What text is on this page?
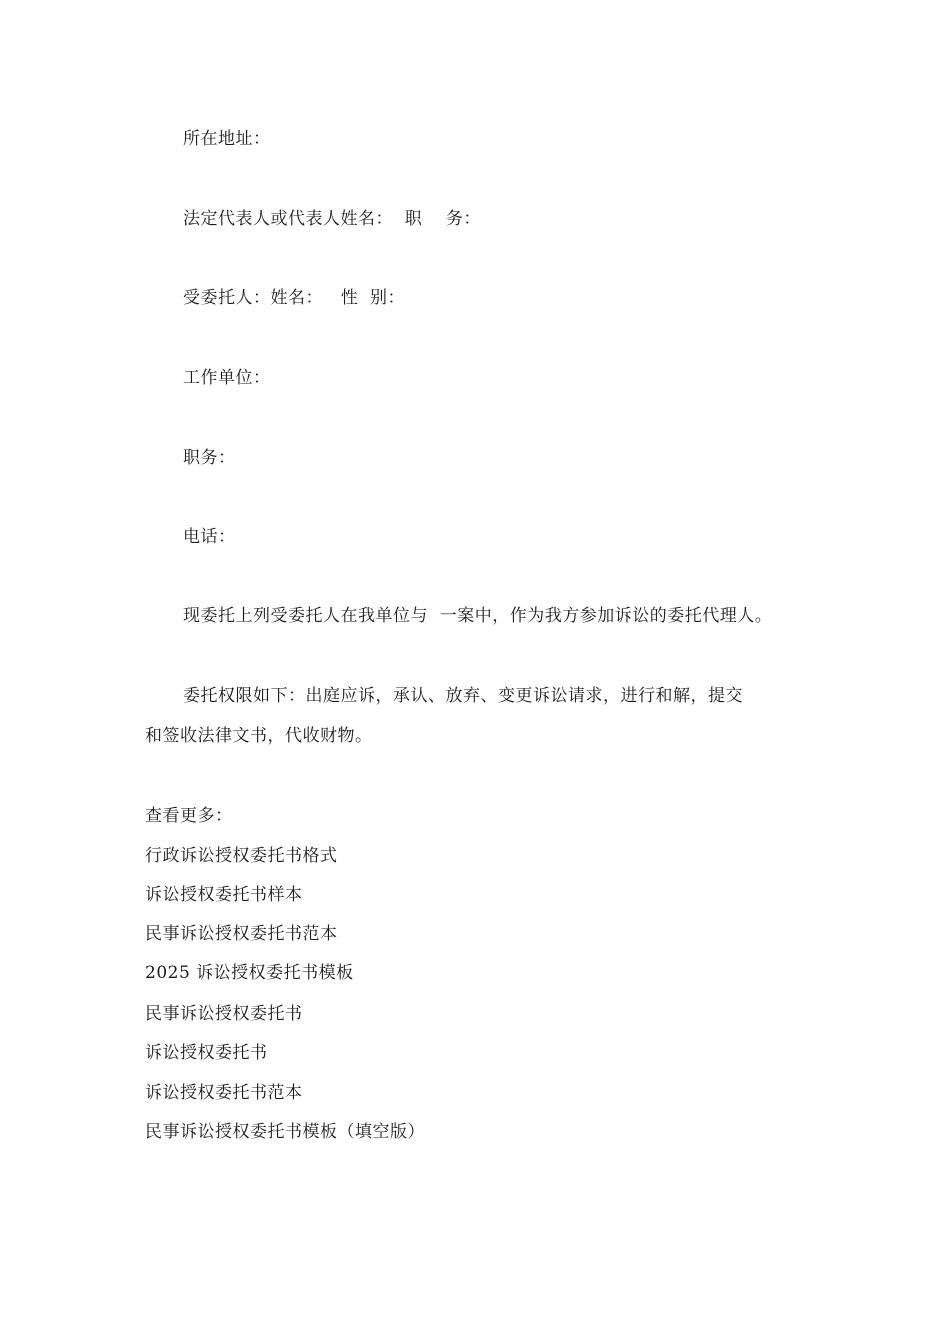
所在地址：
法定代表人或代表人姓名：  职    务：
受委托人：姓名：   性  别：
工作单位：
职务：
电话：
现委托上列受委托人在我单位与  一案中，作为我方参加诉讼的委托代理人。
委托权限如下：出庭应诉，承认、放弃、变更诉讼请求，进行和解，提交
和签收法律文书，代收财物。
查看更多：
行政诉讼授权委托书格式
诉讼授权委托书样本
民事诉讼授权委托书范本
2025 诉讼授权委托书模板
民事诉讼授权委托书
诉讼授权委托书
诉讼授权委托书范本
民事诉讼授权委托书模板（填空版）
